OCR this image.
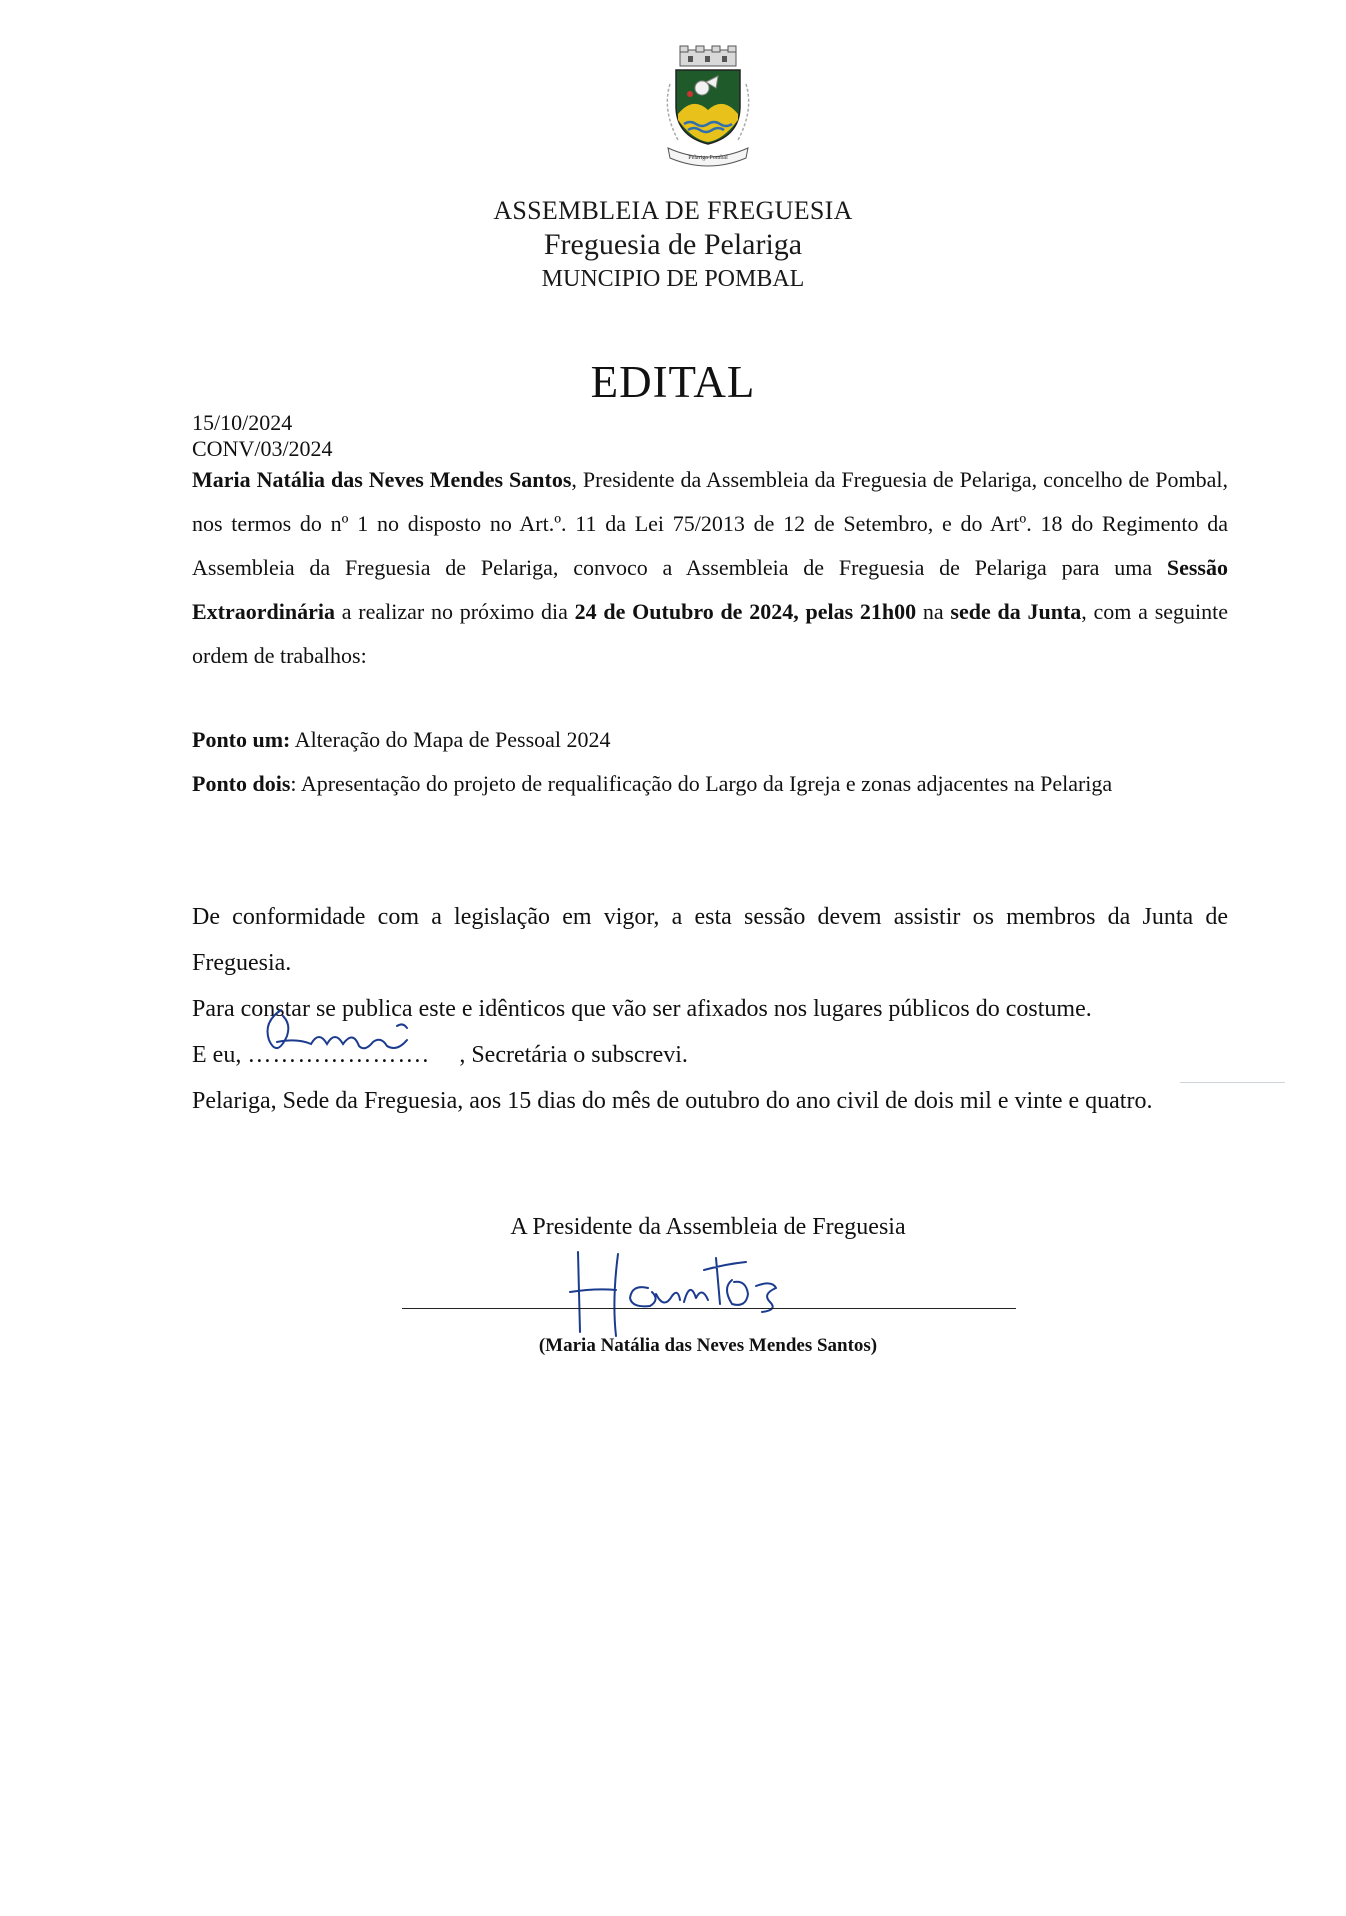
Pelariga Pombal
ASSEMBLEIA DE FREGUESIA
Freguesia de Pelariga
MUNCIPIO DE POMBAL
EDITAL
15/10/2024
CONV/03/2024
Maria Natália das Neves Mendes Santos, Presidente da Assembleia da Freguesia de Pelariga, concelho de Pombal, nos termos do nº 1 no disposto no Art.º. 11 da Lei 75/2013 de 12 de Setembro, e do Artº. 18 do Regimento da Assembleia da Freguesia de Pelariga, convoco a Assembleia de Freguesia de Pelariga para uma Sessão Extraordinária a realizar no próximo dia 24 de Outubro de 2024, pelas 21h00 na sede da Junta, com a seguinte ordem de trabalhos:
Ponto um: Alteração do Mapa de Pessoal 2024
Ponto dois: Apresentação do projeto de requalificação do Largo da Igreja e zonas adjacentes na Pelariga
De conformidade com a legislação em vigor, a esta sessão devem assistir os membros da Junta de Freguesia.
Para constar se publica este e idênticos que vão ser afixados nos lugares públicos do costume.
E eu, …………………. , Secretária o subscrevi.
Pelariga, Sede da Freguesia, aos 15 dias do mês de outubro do ano civil de dois mil e vinte e quatro.
A Presidente da Assembleia de Freguesia
(Maria Natália das Neves Mendes Santos)
